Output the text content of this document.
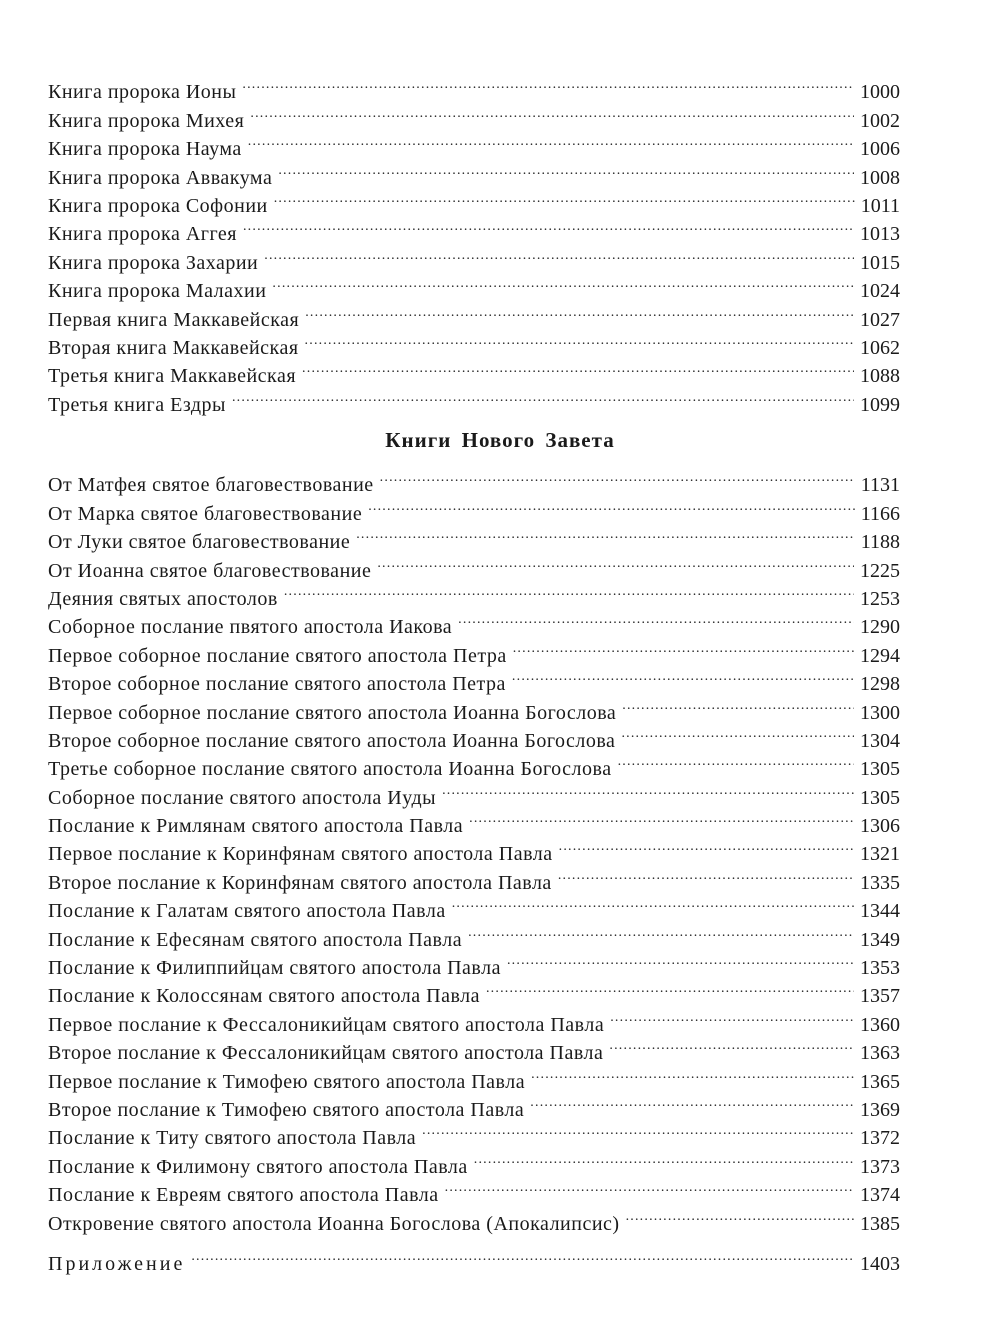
Книга пророка Ионы .....	1000
Книга пророка Михея .....	1002
Книга пророка Наума .....	1006
Книга пророка Аввакума .....	1008
Книга пророка Софонии .....	1011
Книга пророка Аггея .....	1013
Книга пророка Захарии .....	1015
Книга пророка Малахии .....	1024
Первая книга Маккавейская .....	1027
Вторая книга Маккавейская .....	1062
Третья книга Маккавейская .....	1088
Третья книга Ездры .....	1099
Книги Нового Завета
От Матфея святое благовествование .....	1131
От Марка святое благовествование .....	1166
От Луки святое благовествование .....	1188
От Иоанна святое благовествование .....	1225
Деяния святых апостолов .....	1253
Соборное послание пвятого апостола Иакова .....	1290
Первое соборное послание святого апостола Петра .....	1294
Второе соборное послание святого апостола Петра .....	1298
Первое соборное послание святого апостола Иоанна Богослова .....	1300
Второе соборное послание святого апостола Иоанна Богослова .....	1304
Третье соборное послание святого апостола Иоанна Богослова .....	1305
Соборное послание святого апостола Иуды .....	1305
Послание к Римлянам святого апостола Павла .....	1306
Первое послание к Коринфянам святого апостола Павла .....	1321
Второе послание к Коринфянам святого апостола Павла .....	1335
Послание к Галатам святого апостола Павла .....	1344
Послание к Ефесянам святого апостола Павла .....	1349
Послание к Филиппийцам святого апостола Павла .....	1353
Послание к Колоссянам святого апостола Павла .....	1357
Первое послание к Фессалоникийцам святого апостола Павла .....	1360
Второе послание к Фессалоникийцам святого апостола Павла .....	1363
Первое послание к Тимофею святого апостола Павла .....	1365
Второе послание к Тимофею святого апостола Павла .....	1369
Послание к Титу святого апостола Павла .....	1372
Послание к Филимону святого апостола Павла .....	1373
Послание к Евреям святого апостола Павла .....	1374
Откровение святого апостола Иоанна Богослова (Апокалипсис) .....	1385
Приложение .....	1403
